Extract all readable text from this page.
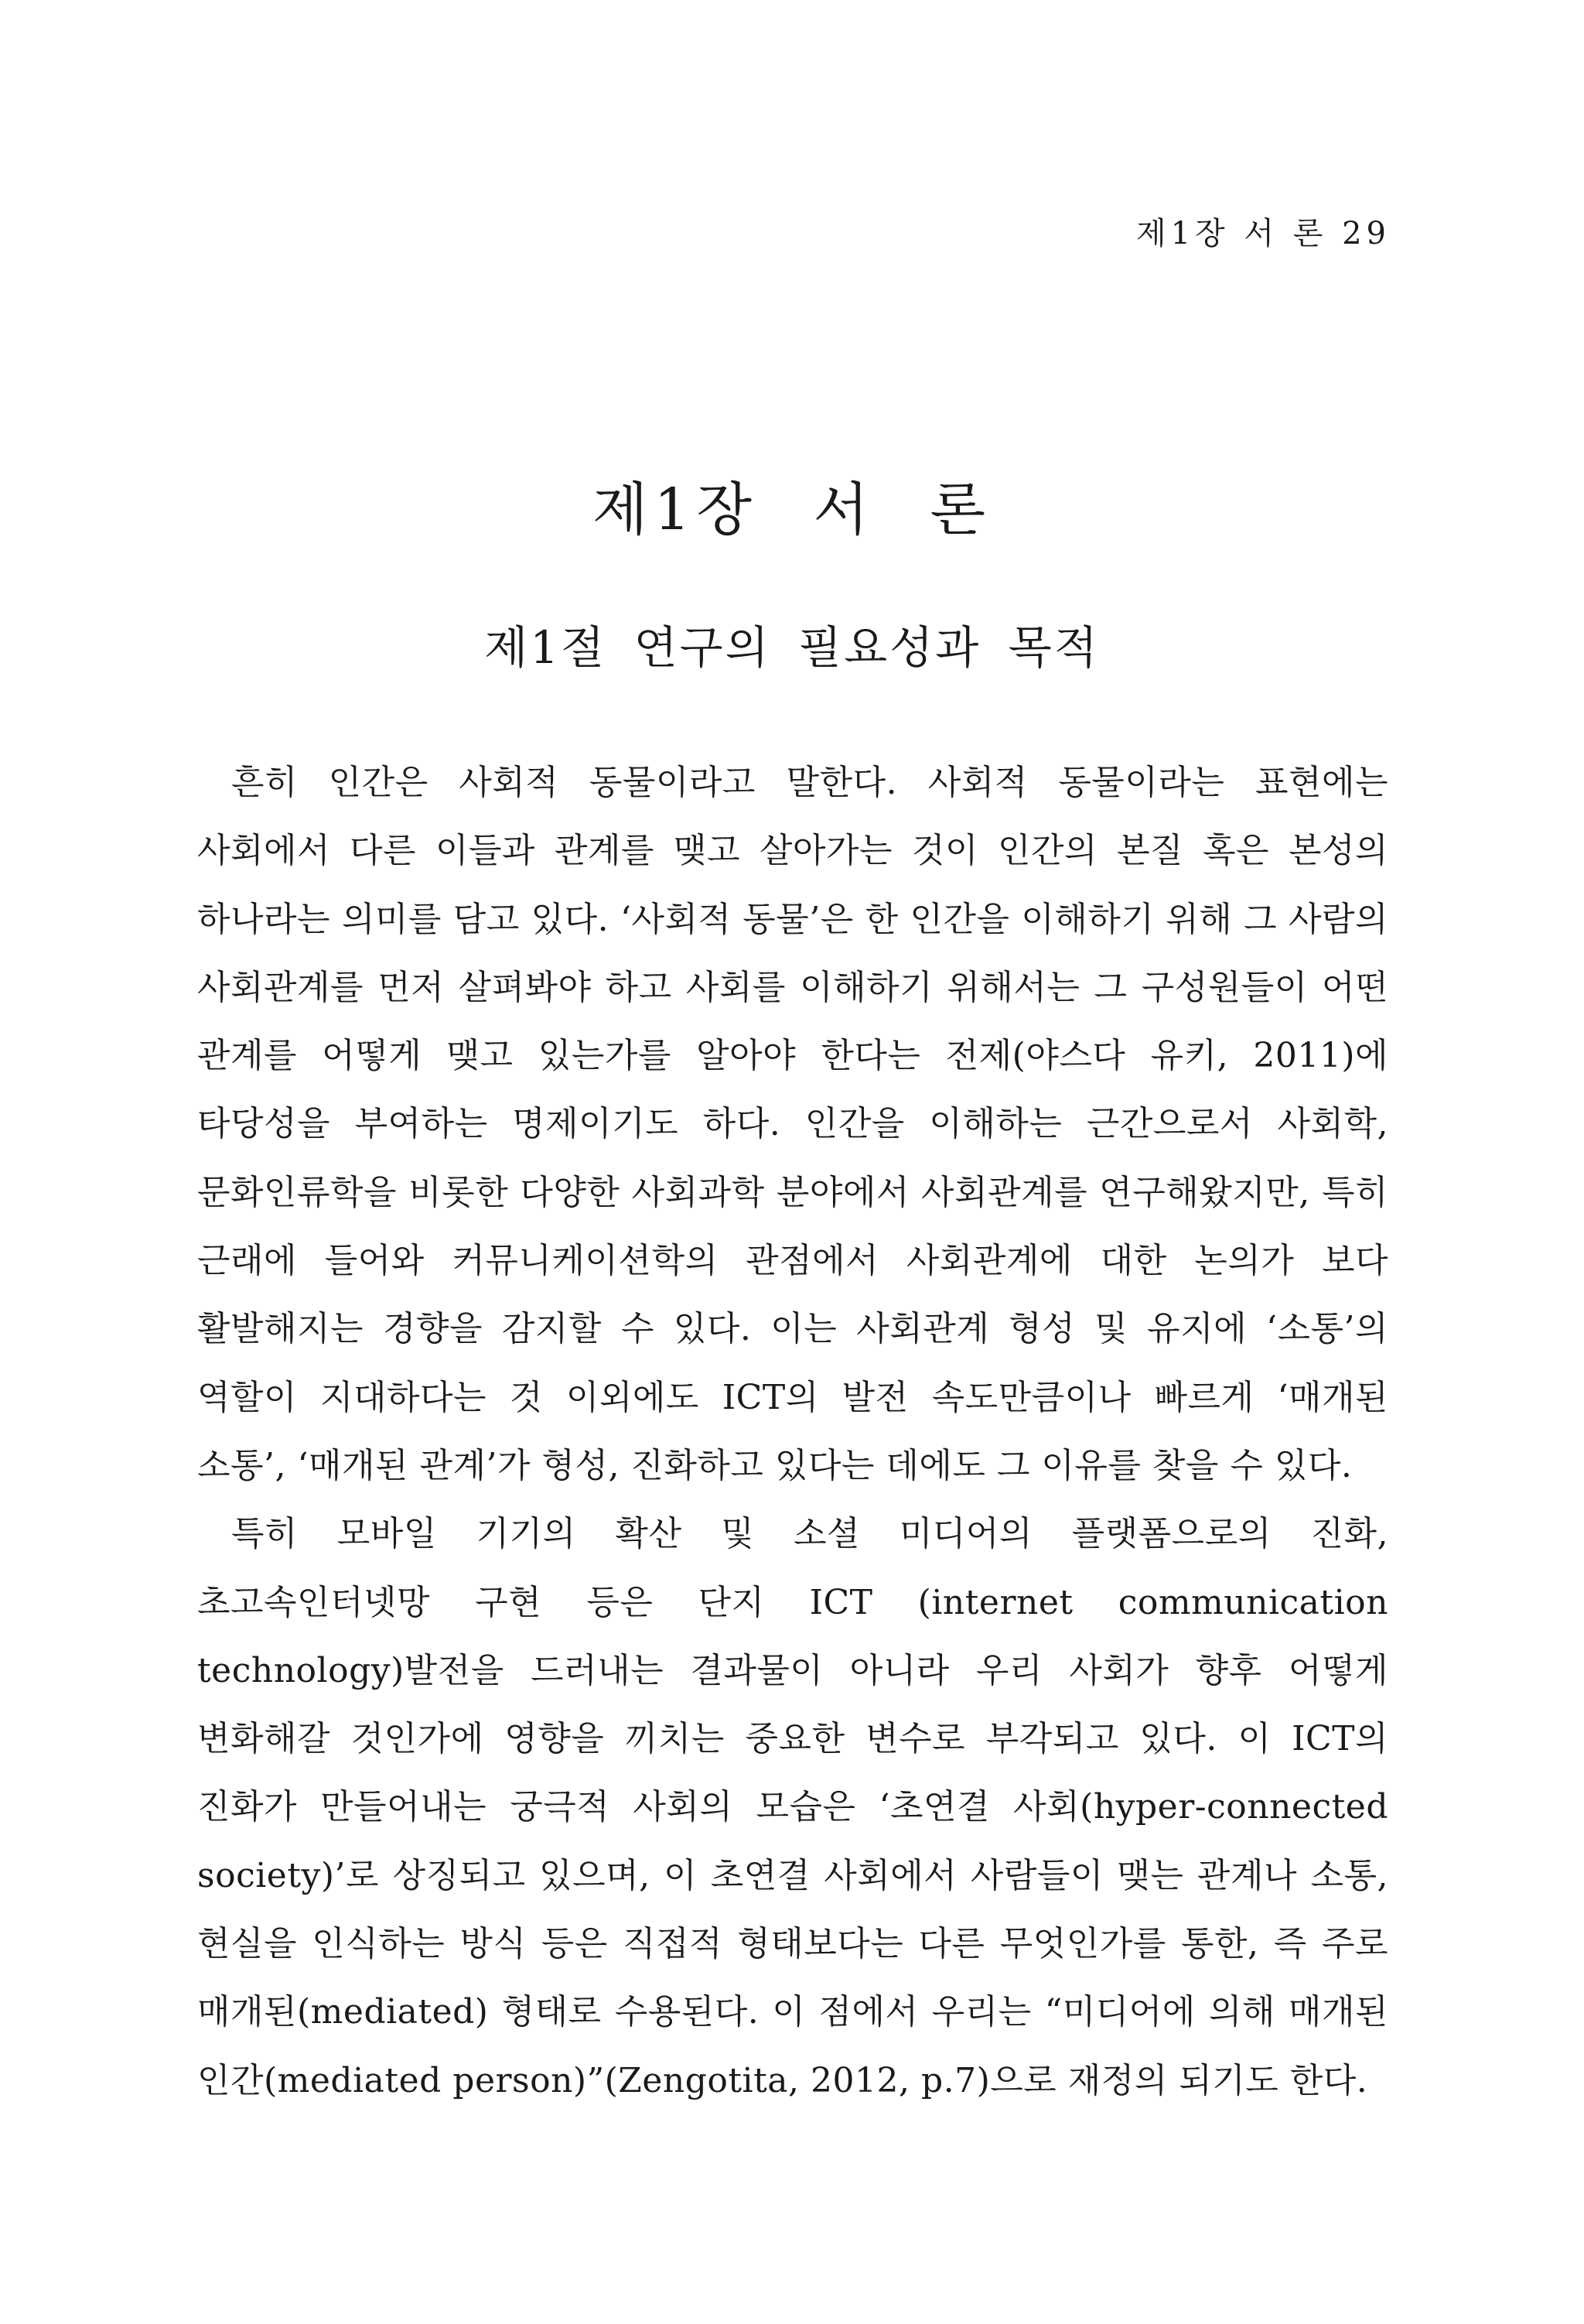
제1장 서 론 29
제1장 서 론
제1절 연구의 필요성과 목적

흔히 인간은 사회적 동물이라고 말한다. 사회적 동물이라는 표현에는 사회에서 다른 이들과 관계를 맺고 살아가는 것이 인간의 본질 혹은 본성의 하나라는 의미를 담고 있다. ‘사회적 동물’은 한 인간을 이해하기 위해 그 사람의 사회관계를 먼저 살펴봐야 하고 사회를 이해하기 위해서는 그 구성원들이 어떤 관계를 어떻게 맺고 있는가를 알아야 한다는 전제(야스다 유키, 2011)에 타당성을 부여하는 명제이기도 하다. 인간을 이해하는 근간으로서 사회학, 문화인류학을 비롯한 다양한 사회과학 분야에서 사회관계를 연구해왔지만, 특히 근래에 들어와 커뮤니케이션학의 관점에서 사회관계에 대한 논의가 보다 활발해지는 경향을 감지할 수 있다. 이는 사회관계 형성 및 유지에 ‘소통’의 역할이 지대하다는 것 이외에도 ICT의 발전 속도만큼이나 빠르게 ‘매개된 소통’, ‘매개된 관계’가 형성, 진화하고 있다는 데에도 그 이유를 찾을 수 있다.

특히 모바일 기기의 확산 및 소셜 미디어의 플랫폼으로의 진화, 초고속인터넷망 구현 등은 단지 ICT (internet communication technology)발전을 드러내는 결과물이 아니라 우리 사회가 향후 어떻게 변화해갈 것인가에 영향을 끼치는 중요한 변수로 부각되고 있다. 이 ICT의 진화가 만들어내는 궁극적 사회의 모습은 ‘초연결 사회(hyper-connected society)’로 상징되고 있으며, 이 초연결 사회에서 사람들이 맺는 관계나 소통, 현실을 인식하는 방식 등은 직접적 형태보다는 다른 무엇인가를 통한, 즉 주로 매개된(mediated) 형태로 수용된다. 이 점에서 우리는 “미디어에 의해 매개된 인간(mediated person)”(Zengotita, 2012, p.7)으로 재정의 되기도 한다.
